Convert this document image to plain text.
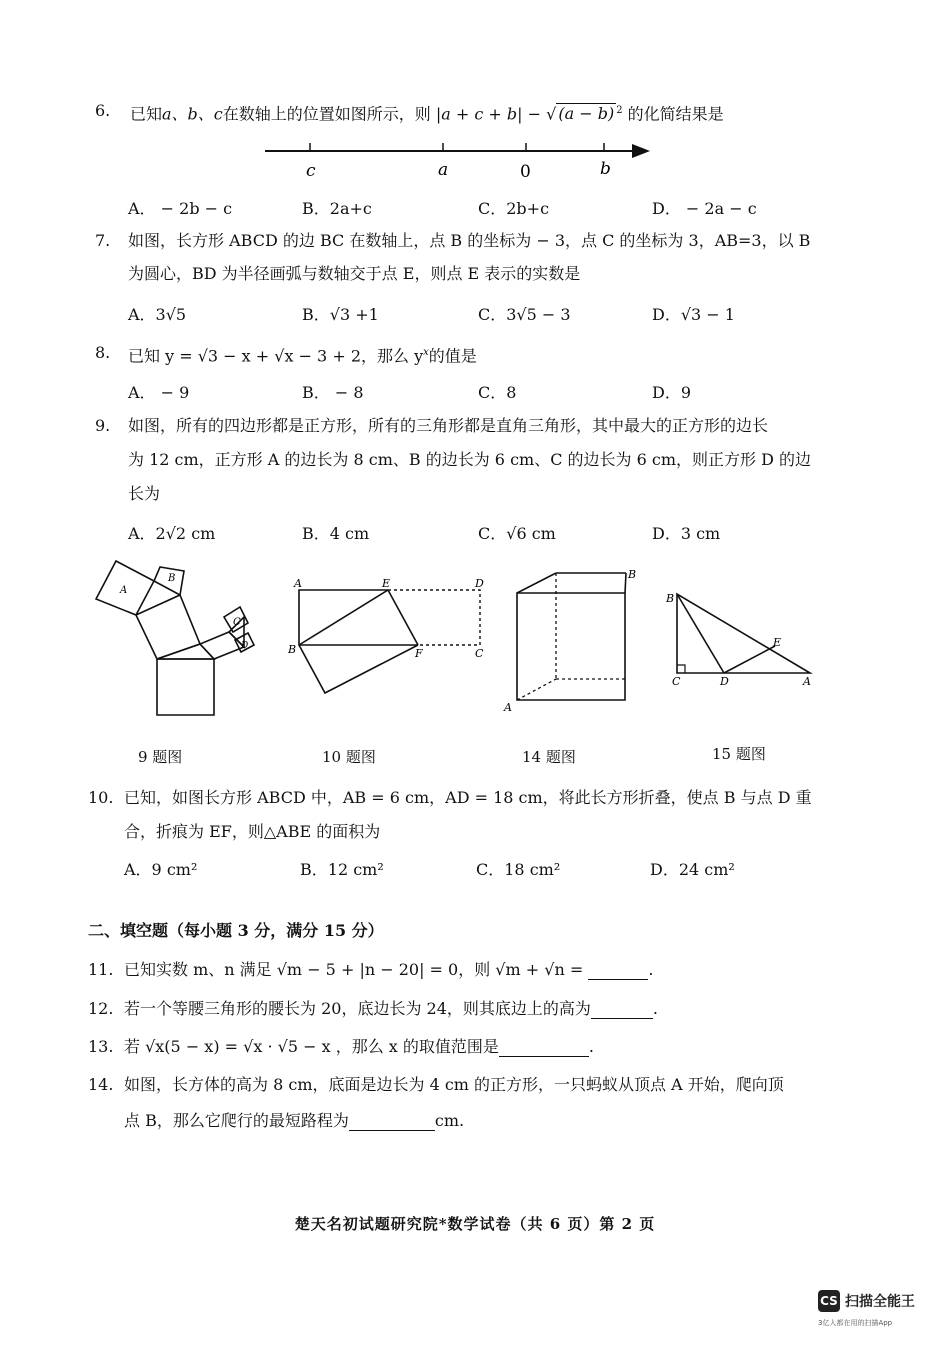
6. 已知a、b、c在数轴上的位置如图所示，则 |a + c + b| − √ (a − b) $^2$ 的化简结果是
c	a	0	b
A． − 2b − c	B．2a+c	C．2b+c	D． − 2a − c
7. 如图，长方形 ABCD 的边 BC 在数轴上，点 B 的坐标为 − 3，点 C 的坐标为 3，AB=3，以 B
为圆心，BD 为半径画弧与数轴交于点 E，则点 E 表示的实数是
A．3√5	B．√3 +1	C．3√5 − 3	D．√3 − 1
8. 已知 y = √3 − x + √x − 3 + 2，那么 $y^x$的值是
A． − 9	B． − 8	C．8	D．9
9. 如图，所有的四边形都是正方形，所有的三角形都是直角三角形，其中最大的正方形的边长
为 12 cm，正方形 A 的边长为 8 cm、B 的边长为 6 cm、C 的边长为 6 cm，则正方形 D 的边
长为
A．2√2 cm	B．4 cm	C．√6 cm	D．3 cm
A
B
C
D
A	E	D
B	F	C
B
A
B
E
C	D	A
9 题图	10 题图	14 题图	15 题图
10. 已知，如图长方形 ABCD 中，AB = 6 cm，AD = 18 cm，将此长方形折叠，使点 B 与点 D 重
合，折痕为 EF，则△ABE 的面积为
A．9 cm²	B．12 cm²	C．18 cm²	D．24 cm²
二、填空题（每小题 3 分，满分 15 分）
11. 已知实数 m、n 满足 √m − 5 + |n − 20| = 0，则 √m + √n =	.
12. 若一个等腰三角形的腰长为 20，底边长为 24，则其底边上的高为	.
13. 若 √x(5 − x) = √x · √5 − x ，那么 x 的取值范围是	.
14. 如图，长方体的高为 8 cm，底面是边长为 4 cm 的正方形，一只蚂蚁从顶点 A 开始，爬向顶
点 B，那么它爬行的最短路程为	cm.
楚天名初试题研究院*数学试卷（共 6 页）第 2 页
CS 扫描全能王
3亿人都在用的扫描App
